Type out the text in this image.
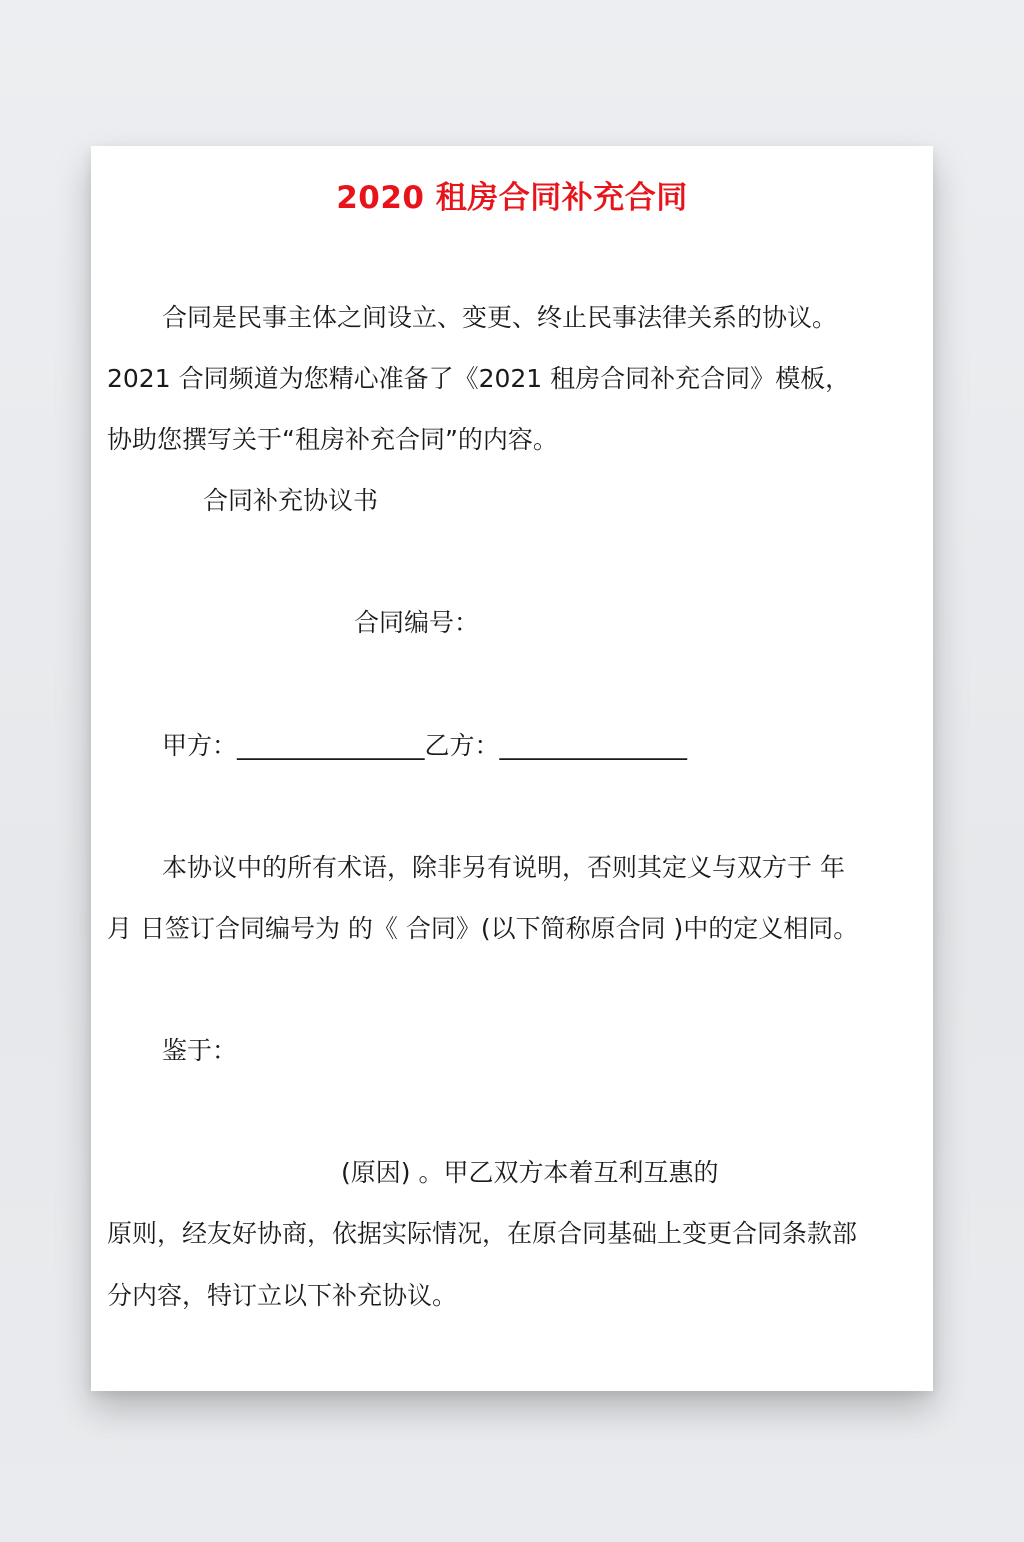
2020 租房合同补充合同

合同是民事主体之间设立、变更、终止民事法律关系的协议。

2021 合同频道为您精心准备了《2021 租房合同补充合同》模板，

协助您撰写关于“租房补充合同”的内容。

合同补充协议书

合同编号：

甲方：_______________乙方：_______________

本协议中的所有术语，除非另有说明，否则其定义与双方于 年

月 日签订合同编号为 的《 合同》(以下简称原合同 )中的定义相同。

鉴于：

(原因) 。甲乙双方本着互利互惠的

原则，经友好协商，依据实际情况，在原合同基础上变更合同条款部

分内容，特订立以下补充协议。
